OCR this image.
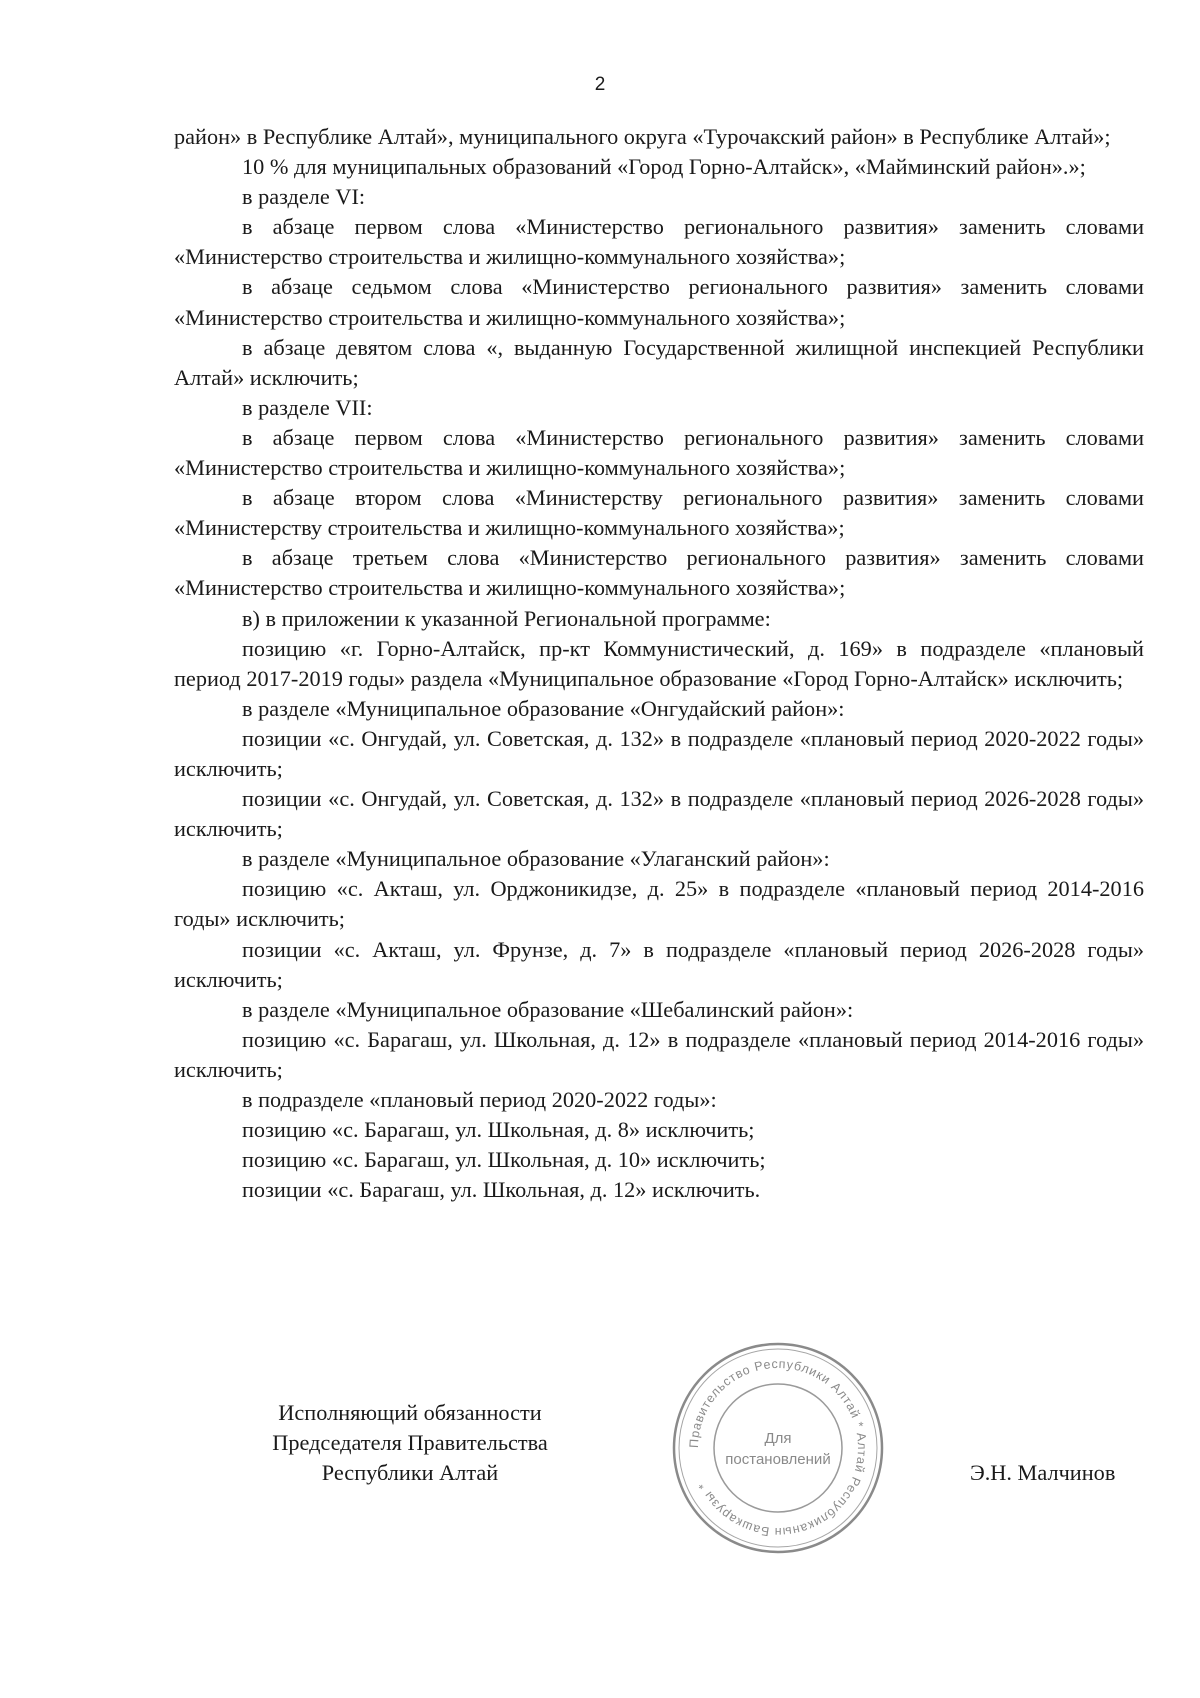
2

район» в Республике Алтай», муниципального округа «Турочакский район» в Республике Алтай»;

10 % для муниципальных образований «Город Горно-Алтайск», «Майминский район».»;

в разделе VI:

в абзаце первом слова «Министерство регионального развития» заменить словами «Министерство строительства и жилищно-коммунального хозяйства»;

в абзаце седьмом слова «Министерство регионального развития» заменить словами «Министерство строительства и жилищно-коммунального хозяйства»;

в абзаце девятом слова «, выданную Государственной жилищной инспекцией Республики Алтай» исключить;

в разделе VII:

в абзаце первом слова «Министерство регионального развития» заменить словами «Министерство строительства и жилищно-коммунального хозяйства»;

в абзаце втором слова «Министерству регионального развития» заменить словами «Министерству строительства и жилищно-коммунального хозяйства»;

в абзаце третьем слова «Министерство регионального развития» заменить словами «Министерство строительства и жилищно-коммунального хозяйства»;

в) в приложении к указанной Региональной программе:

позицию «г. Горно-Алтайск, пр-кт Коммунистический, д. 169» в подразделе «плановый период 2017-2019 годы» раздела «Муниципальное образование «Город Горно-Алтайск» исключить;

в разделе «Муниципальное образование «Онгудайский район»:

позиции «с. Онгудай, ул. Советская, д. 132» в подразделе «плановый период 2020-2022 годы» исключить;

позиции «с. Онгудай, ул. Советская, д. 132» в подразделе «плановый период 2026-2028 годы» исключить;

в разделе «Муниципальное образование «Улаганский район»:

позицию «с. Акташ, ул. Орджоникидзе, д. 25» в подразделе «плановый период 2014-2016 годы» исключить;

позиции «с. Акташ, ул. Фрунзе, д. 7» в подразделе «плановый период 2026-2028 годы» исключить;

в разделе «Муниципальное образование «Шебалинский район»:

позицию «с. Барагаш, ул. Школьная, д. 12» в подразделе «плановый период 2014-2016 годы» исключить;

в подразделе «плановый период 2020-2022 годы»:

позицию «с. Барагаш, ул. Школьная, д. 8» исключить;

позицию «с. Барагаш, ул. Школьная, д. 10» исключить;

позиции «с. Барагаш, ул. Школьная, д. 12» исключить.

Исполняющий обязанности
Председателя Правительства
Республики Алтай	Э.Н. Малчинов
Правительство Республики Алтай * Алтай Республиканын Башкарузы *
Для
постановлений
